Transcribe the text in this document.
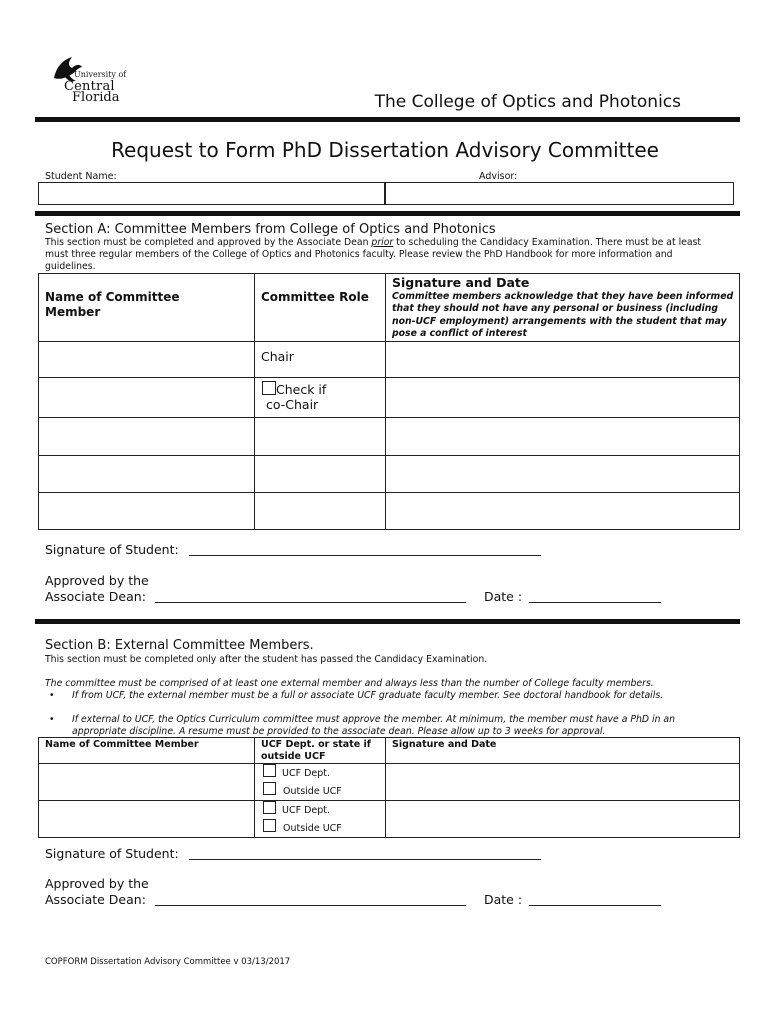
University of
Central
Florida	The College of Optics and Photonics
Request to Form PhD Dissertation Advisory Committee
Student Name:	Advisor:
Section A: Committee Members from College of Optics and Photonics
This section must be completed and approved by the Associate Dean prior to scheduling the Candidacy Examination. There must be at least must three regular members of the College of Optics and Photonics faculty. Please review the PhD Handbook for more information and guidelines.
Name of Committee Member	Committee Role	Signature and Date
Committee members acknowledge that they have been informed that they should not have any personal or business (including non-UCF employment) arrangements with the student that may pose a conflict of interest

	Chair	

	Check if
co-Chair	

Signature of Student:
Approved by the
Associate Dean:	Date :
Section B: External Committee Members.
This section must be completed only after the student has passed the Candidacy Examination.
The committee must be comprised of at least one external member and always less than the number of College faculty members.
• If from UCF, the external member must be a full or associate UCF graduate faculty member. See doctoral handbook for details.
• If external to UCF, the Optics Curriculum committee must approve the member. At minimum, the member must have a PhD in an appropriate discipline. A resume must be provided to the associate dean. Please allow up to 3 weeks for approval.
Name of Committee Member	UCF Dept. or state if outside UCF	Signature and Date

	UCF Dept.
Outside UCF	

	UCF Dept.
Outside UCF	

Signature of Student:
Approved by the
Associate Dean:	Date :
COPFORM Dissertation Advisory Committee v 03/13/2017
